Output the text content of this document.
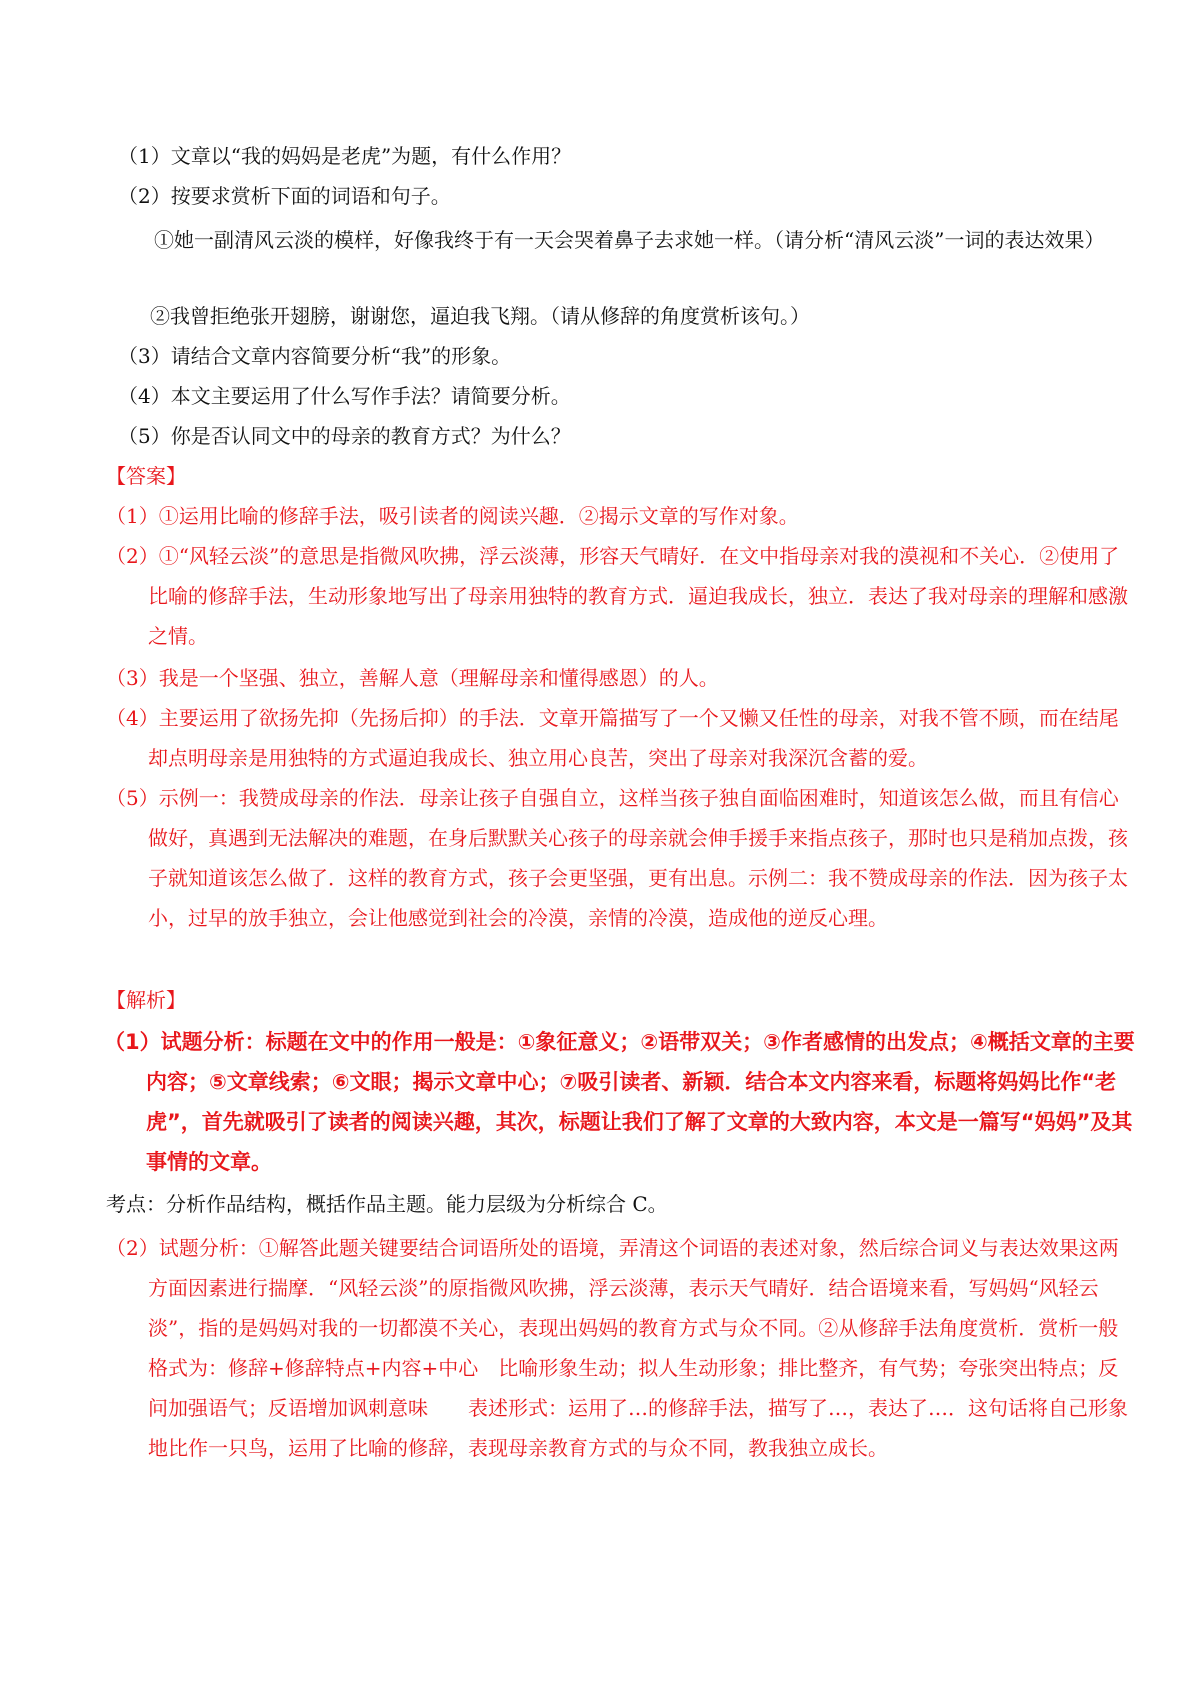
（1）文章以“我的妈妈是老虎”为题，有什么作用？
（2）按要求赏析下面的词语和句子。
①她一副清风云淡的模样，好像我终于有一天会哭着鼻子去求她一样。（请分析“清风云淡”一词的表达效果）
②我曾拒绝张开翅膀，谢谢您，逼迫我飞翔。（请从修辞的角度赏析该句。）
（3）请结合文章内容简要分析“我”的形象。
（4）本文主要运用了什么写作手法？请简要分析。
（5）你是否认同文中的母亲的教育方式？为什么？
【答案】
（1）①运用比喻的修辞手法，吸引读者的阅读兴趣．②揭示文章的写作对象。
（2）①“风轻云淡”的意思是指微风吹拂，浮云淡薄，形容天气晴好．在文中指母亲对我的漠视和不关心．②使用了比喻的修辞手法，生动形象地写出了母亲用独特的教育方式．逼迫我成长，独立．表达了我对母亲的理解和感激之情。
（3）我是一个坚强、独立，善解人意（理解母亲和懂得感恩）的人。
（4）主要运用了欲扬先抑（先扬后抑）的手法．文章开篇描写了一个又懒又任性的母亲，对我不管不顾，而在结尾却点明母亲是用独特的方式逼迫我成长、独立用心良苦，突出了母亲对我深沉含蓄的爱。
（5）示例一：我赞成母亲的作法．母亲让孩子自强自立，这样当孩子独自面临困难时，知道该怎么做，而且有信心做好，真遇到无法解决的难题，在身后默默关心孩子的母亲就会伸手援手来指点孩子，那时也只是稍加点拨，孩子就知道该怎么做了．这样的教育方式，孩子会更坚强，更有出息。示例二：我不赞成母亲的作法．因为孩子太小，过早的放手独立，会让他感觉到社会的冷漠，亲情的冷漠，造成他的逆反心理。
【解析】
（1）试题分析：标题在文中的作用一般是：①象征意义；②语带双关；③作者感情的出发点；④概括文章的主要内容；⑤文章线索；⑥文眼；揭示文章中心；⑦吸引读者、新颖．结合本文内容来看，标题将妈妈比作“老虎”，首先就吸引了读者的阅读兴趣，其次，标题让我们了解了文章的大致内容，本文是一篇写“妈妈”及其事情的文章。
考点：分析作品结构，概括作品主题。能力层级为分析综合 C。
（2）试题分析：①解答此题关键要结合词语所处的语境，弄清这个词语的表述对象，然后综合词义与表达效果这两方面因素进行揣摩．“风轻云淡”的原指微风吹拂，浮云淡薄，表示天气晴好．结合语境来看，写妈妈“风轻云淡”，指的是妈妈对我的一切都漠不关心，表现出妈妈的教育方式与众不同。②从修辞手法角度赏析．赏析一般格式为：修辞+修辞特点+内容+中心　比喻形象生动；拟人生动形象；排比整齐，有气势；夸张突出特点；反问加强语气；反语增加讽刺意味　　表述形式：运用了…的修辞手法，描写了…，表达了…．这句话将自己形象地比作一只鸟，运用了比喻的修辞，表现母亲教育方式的与众不同，教我独立成长。
